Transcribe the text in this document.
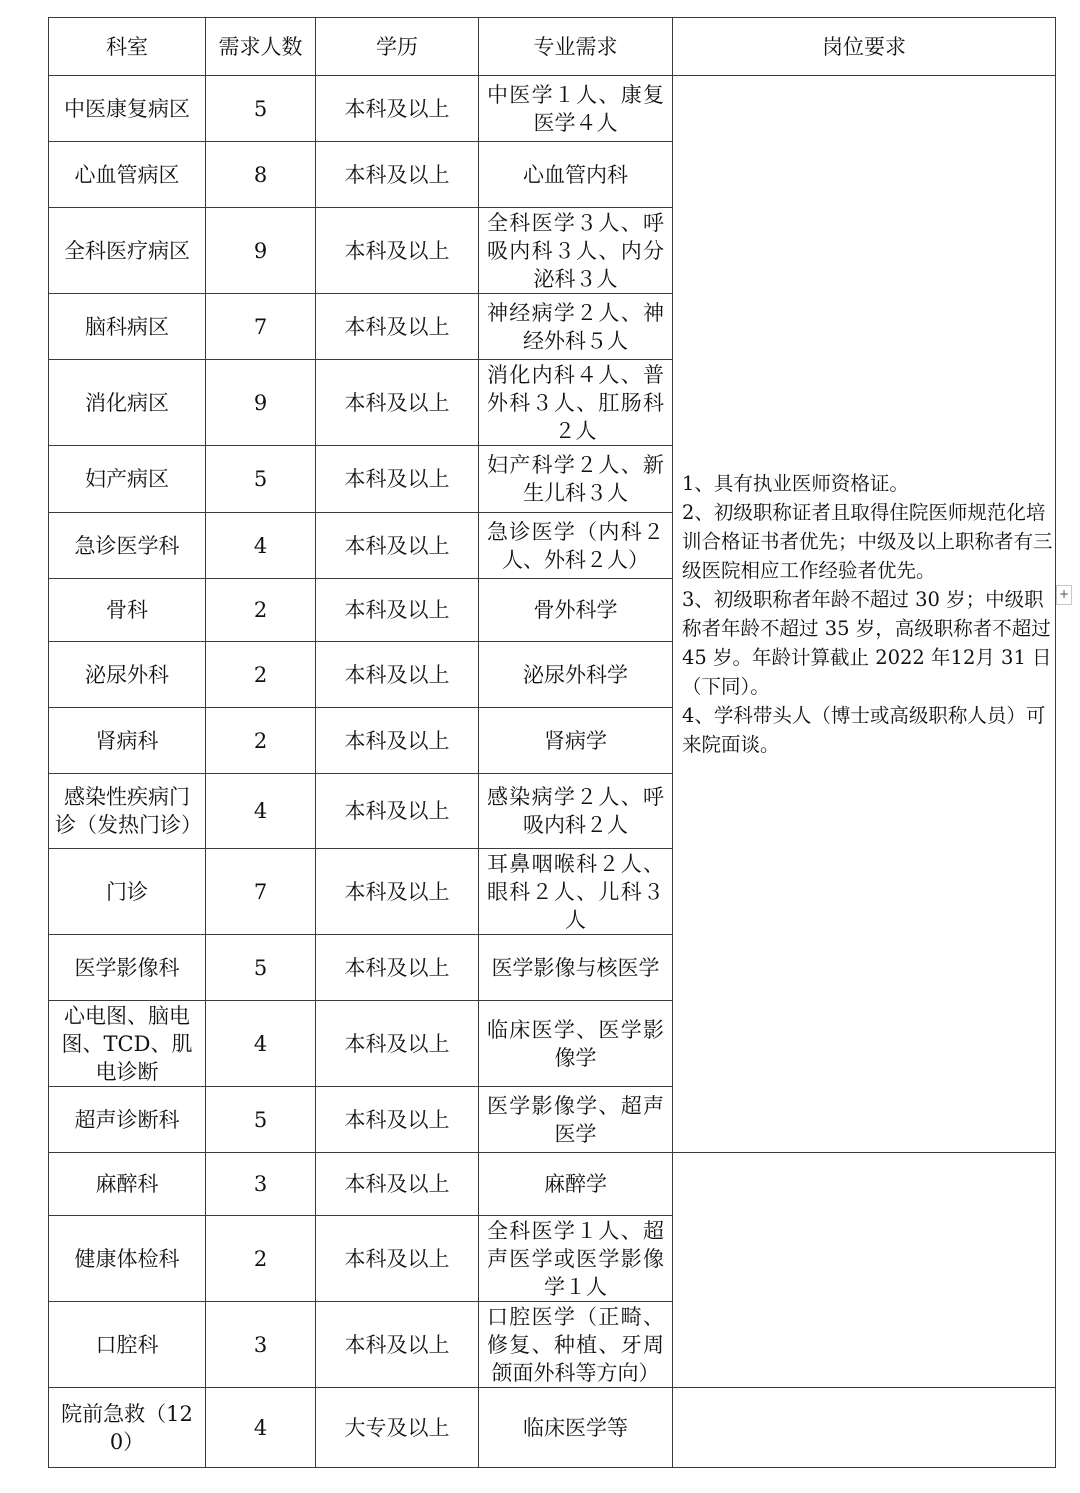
科室	需求人数	学历	专业需求	岗位要求
中医康复病区	5	本科及以上	中医学１人、康复医学４人	1、具有执业医师资格证。
2、初级职称证者且取得住院医师规范化培训合格证书者优先；中级及以上职称者有三级医院相应工作经验者优先。
3、初级职称者年龄不超过 30 岁；中级职称者年龄不超过 35 岁，高级职称者不超过 45 岁。年龄计算截止 2022 年12月 31 日（下同）。
4、学科带头人（博士或高级职称人员）可来院面谈。

心血管病区	8	本科及以上	心血管内科	
全科医疗病区	9	本科及以上	全科医学３人、呼吸内科３人、内分泌科３人	
脑科病区	7	本科及以上	神经病学２人、神经外科５人	
消化病区	9	本科及以上	消化内科４人、普外科３人、肛肠科２人	
妇产病区	5	本科及以上	妇产科学２人、新生儿科３人	
急诊医学科	4	本科及以上	急诊医学（内科２人、外科２人）	
骨科	2	本科及以上	骨外科学	
泌尿外科	2	本科及以上	泌尿外科学	
肾病科	2	本科及以上	肾病学	
感染性疾病门诊（发热门诊）	4	本科及以上	感染病学２人、呼吸内科２人	
门诊	7	本科及以上	耳鼻咽喉科２人、眼科２人、儿科３人	
医学影像科	5	本科及以上	医学影像与核医学	
心电图、脑电图、TCD、肌电诊断	4	本科及以上	临床医学、医学影像学	
超声诊断科	5	本科及以上	医学影像学、超声医学	
麻醉科	3	本科及以上	麻醉学	
健康体检科	2	本科及以上	全科医学１人、超声医学或医学影像学１人	
口腔科	3	本科及以上	口腔医学（正畸、修复、种植、牙周颌面外科等方向）	
院前急救（120）	4	大专及以上	临床医学等	
+
